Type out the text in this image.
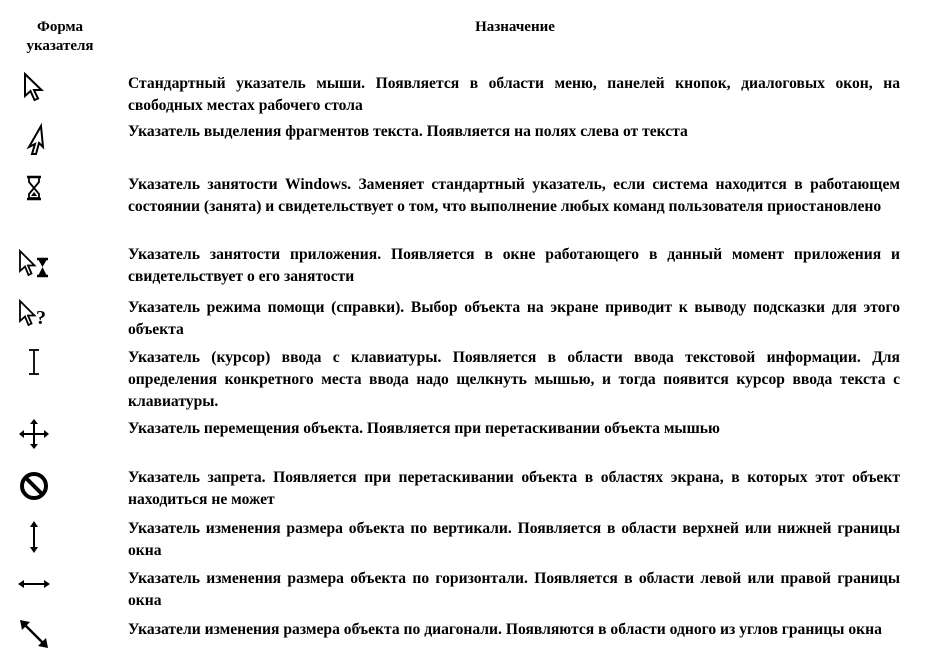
Форма указателя
Назначение
Стандартный указатель мыши. Появляется в области меню, панелей кнопок, диалоговых окон, на свободных местах рабочего стола
Указатель выделения фрагментов текста. Появляется на полях слева от текста
Указатель занятости Windows. Заменяет стандартный указатель, если система находится в работающем состоянии (занята) и свидетельствует о том, что выполнение любых команд пользователя приостановлено
Указатель занятости приложения. Появляется в окне работающего в данный момент приложения и свидетельствует о его занятости
?	Указатель режима помощи (справки). Выбор объекта на экране приводит к выводу подсказки для этого объекта
Указатель (курсор) ввода с клавиатуры. Появляется в области ввода текстовой информации. Для определения конкретного места ввода надо щелкнуть мышью, и тогда появится курсор ввода текста с клавиатуры.
Указатель перемещения объекта. Появляется при перетаскивании объекта мышью
Указатель запрета. Появляется при перетаскивании объекта в областях экрана, в которых этот объект находиться не может
Указатель изменения размера объекта по вертикали. Появляется в области верхней или нижней границы окна
Указатель изменения размера объекта по горизонтали. Появляется в области левой или правой границы окна
Указатели изменения размера объекта по диагонали. Появляются в области одного из углов границы окна
